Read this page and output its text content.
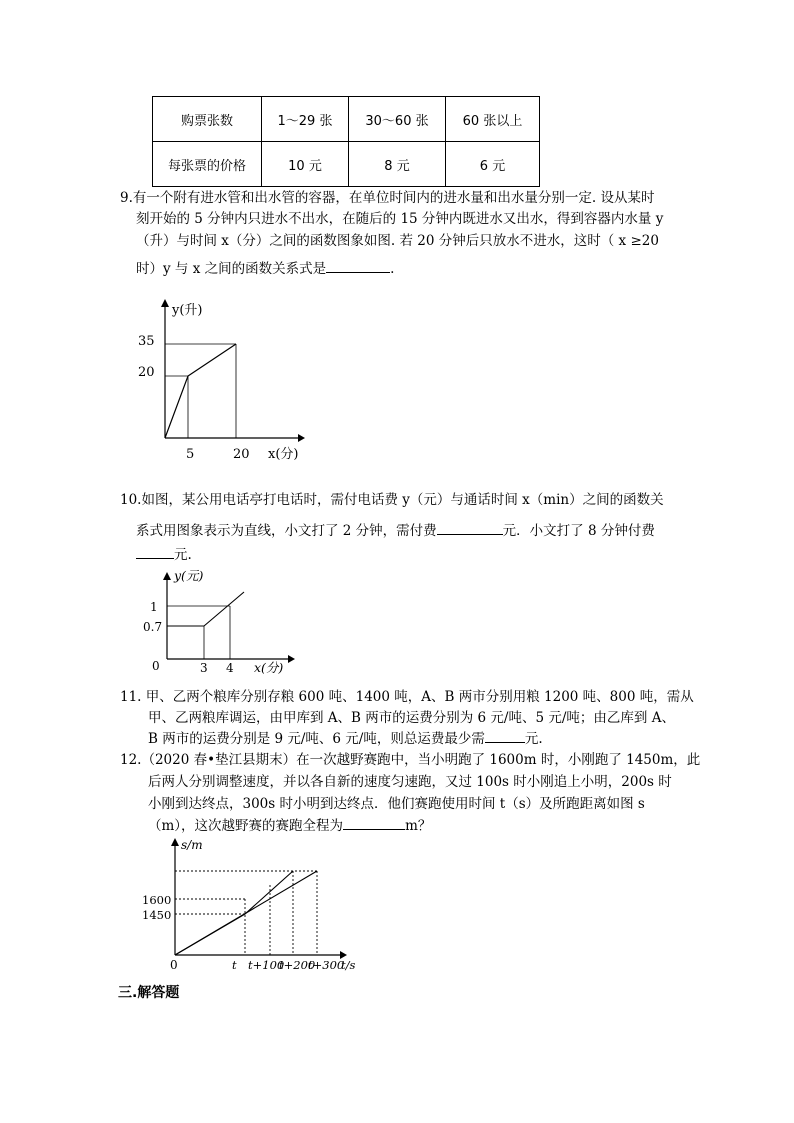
购票张数	1～29 张	30～60 张	60 张以上
每张票的价格	10 元	8 元	6 元
9.有一个附有进水管和出水管的容器，在单位时间内的进水量和出水量分别一定. 设从某时
刻开始的 5 分钟内只进水不出水，在随后的 15 分钟内既进水又出水，得到容器内水量 y
（升）与时间 x（分）之间的函数图象如图. 若 20 分钟后只放水不进水，这时（ x ≥20
时）y 与 x 之间的函数关系式是	.
y(升)
35
20
5	20 x(分)
10.如图，某公用电话亭打电话时，需付电话费 y（元）与通话时间 x（min）之间的函数关
系式用图象表示为直线，小文打了 2 分钟，需付费	元．小文打了 8 分钟付费
元.
y(元)
1
0.7
0	3 4 x(分)
11. 甲、乙两个粮库分别存粮 600 吨、1400 吨，A、B 两市分别用粮 1200 吨、800 吨，需从
甲、乙两粮库调运，由甲库到 A、B 两市的运费分别为 6 元/吨、5 元/吨；由乙库到 A、
B 两市的运费分别是 9 元/吨、6 元/吨，则总运费最少需	元.
12.（2020 春•垫江县期末）在一次越野赛跑中，当小明跑了 1600m 时，小刚跑了 1450m，此
后两人分别调整速度，并以各自新的速度匀速跑，又过 100s 时小刚追上小明，200s 时
小刚到达终点，300s 时小明到达终点．他们赛跑使用时间 t（s）及所跑距离如图 s
（m），这次越野赛的赛跑全程为	m？
s/m
1600
1450
0	t t+100
t+200
t+300
t/s
三.解答题
